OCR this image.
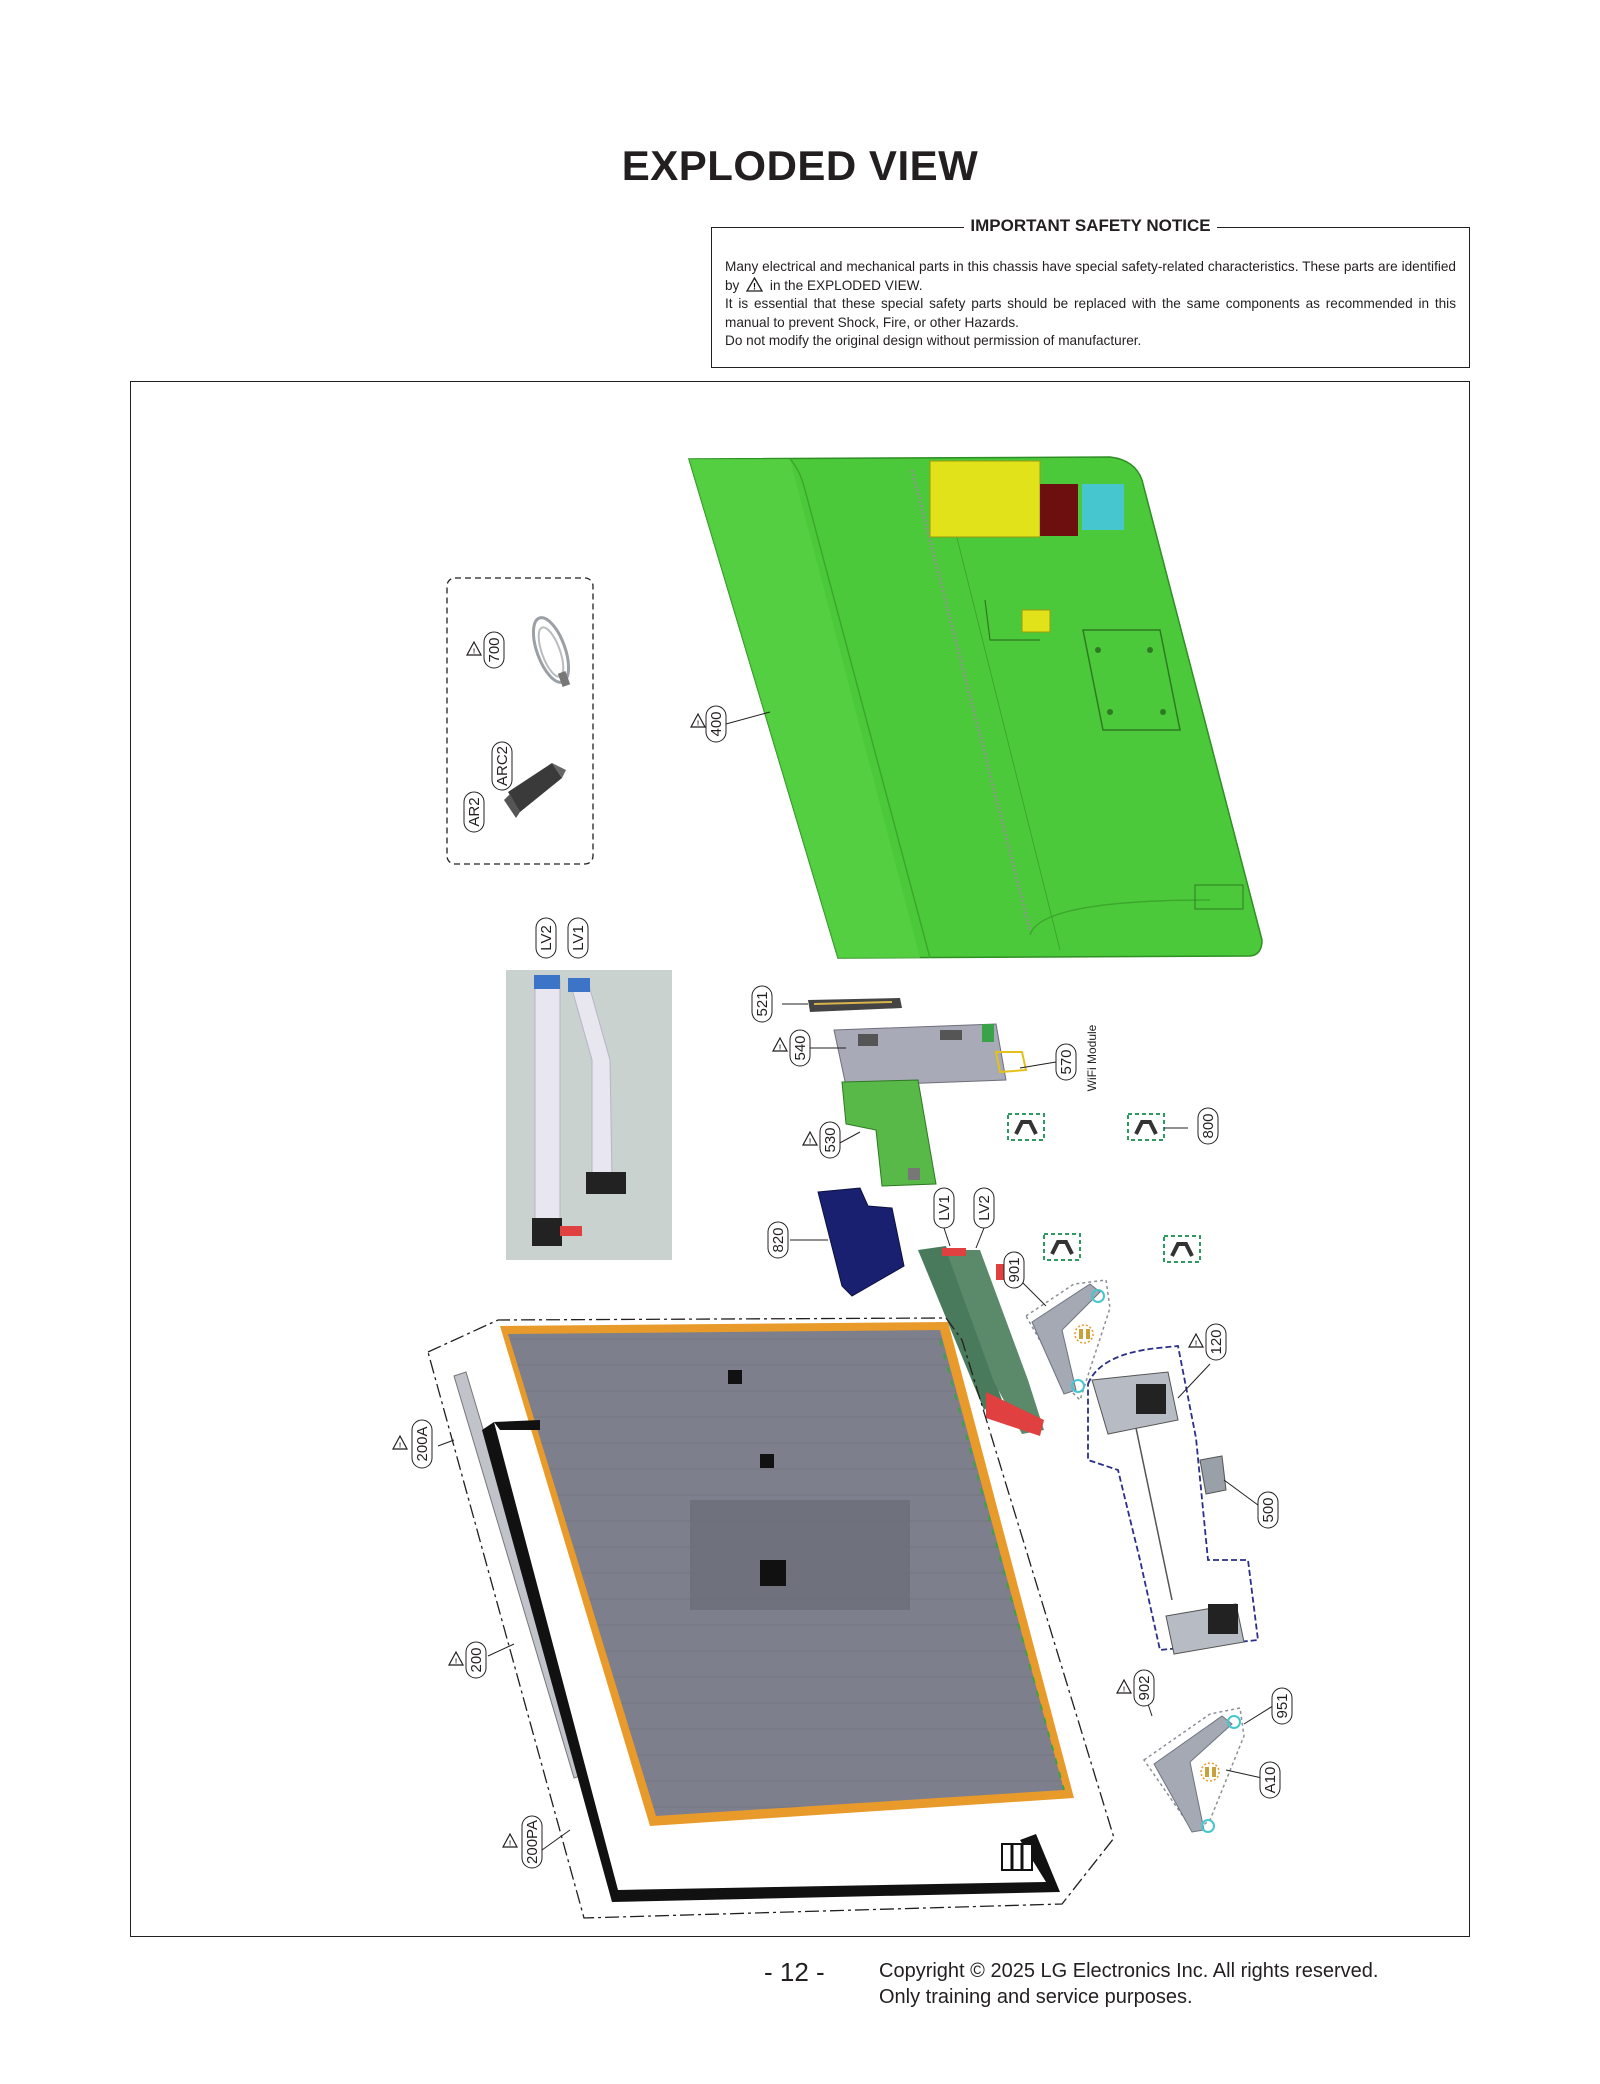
EXPLODED VIEW
IMPORTANT SAFETY NOTICE

Many electrical and mechanical parts in this chassis have special safety-related characteristics. These parts are identified by ! in the EXPLODED VIEW.

It is essential that these special safety parts should be replaced with the same components as recommended in this manual to prevent Shock, Fire, or other Hazards.

Do not modify the original design without permission of manufacturer.

700
400
ARC2
AR2
LV2 LV1
521
540
570 WiFi Module
530
800
820
LV1 LV2
901
120
200A
500
200
902
951
A10
200PA
- 12 -	Copyright © 2025 LG Electronics Inc. All rights reserved.

Only training and service purposes.
